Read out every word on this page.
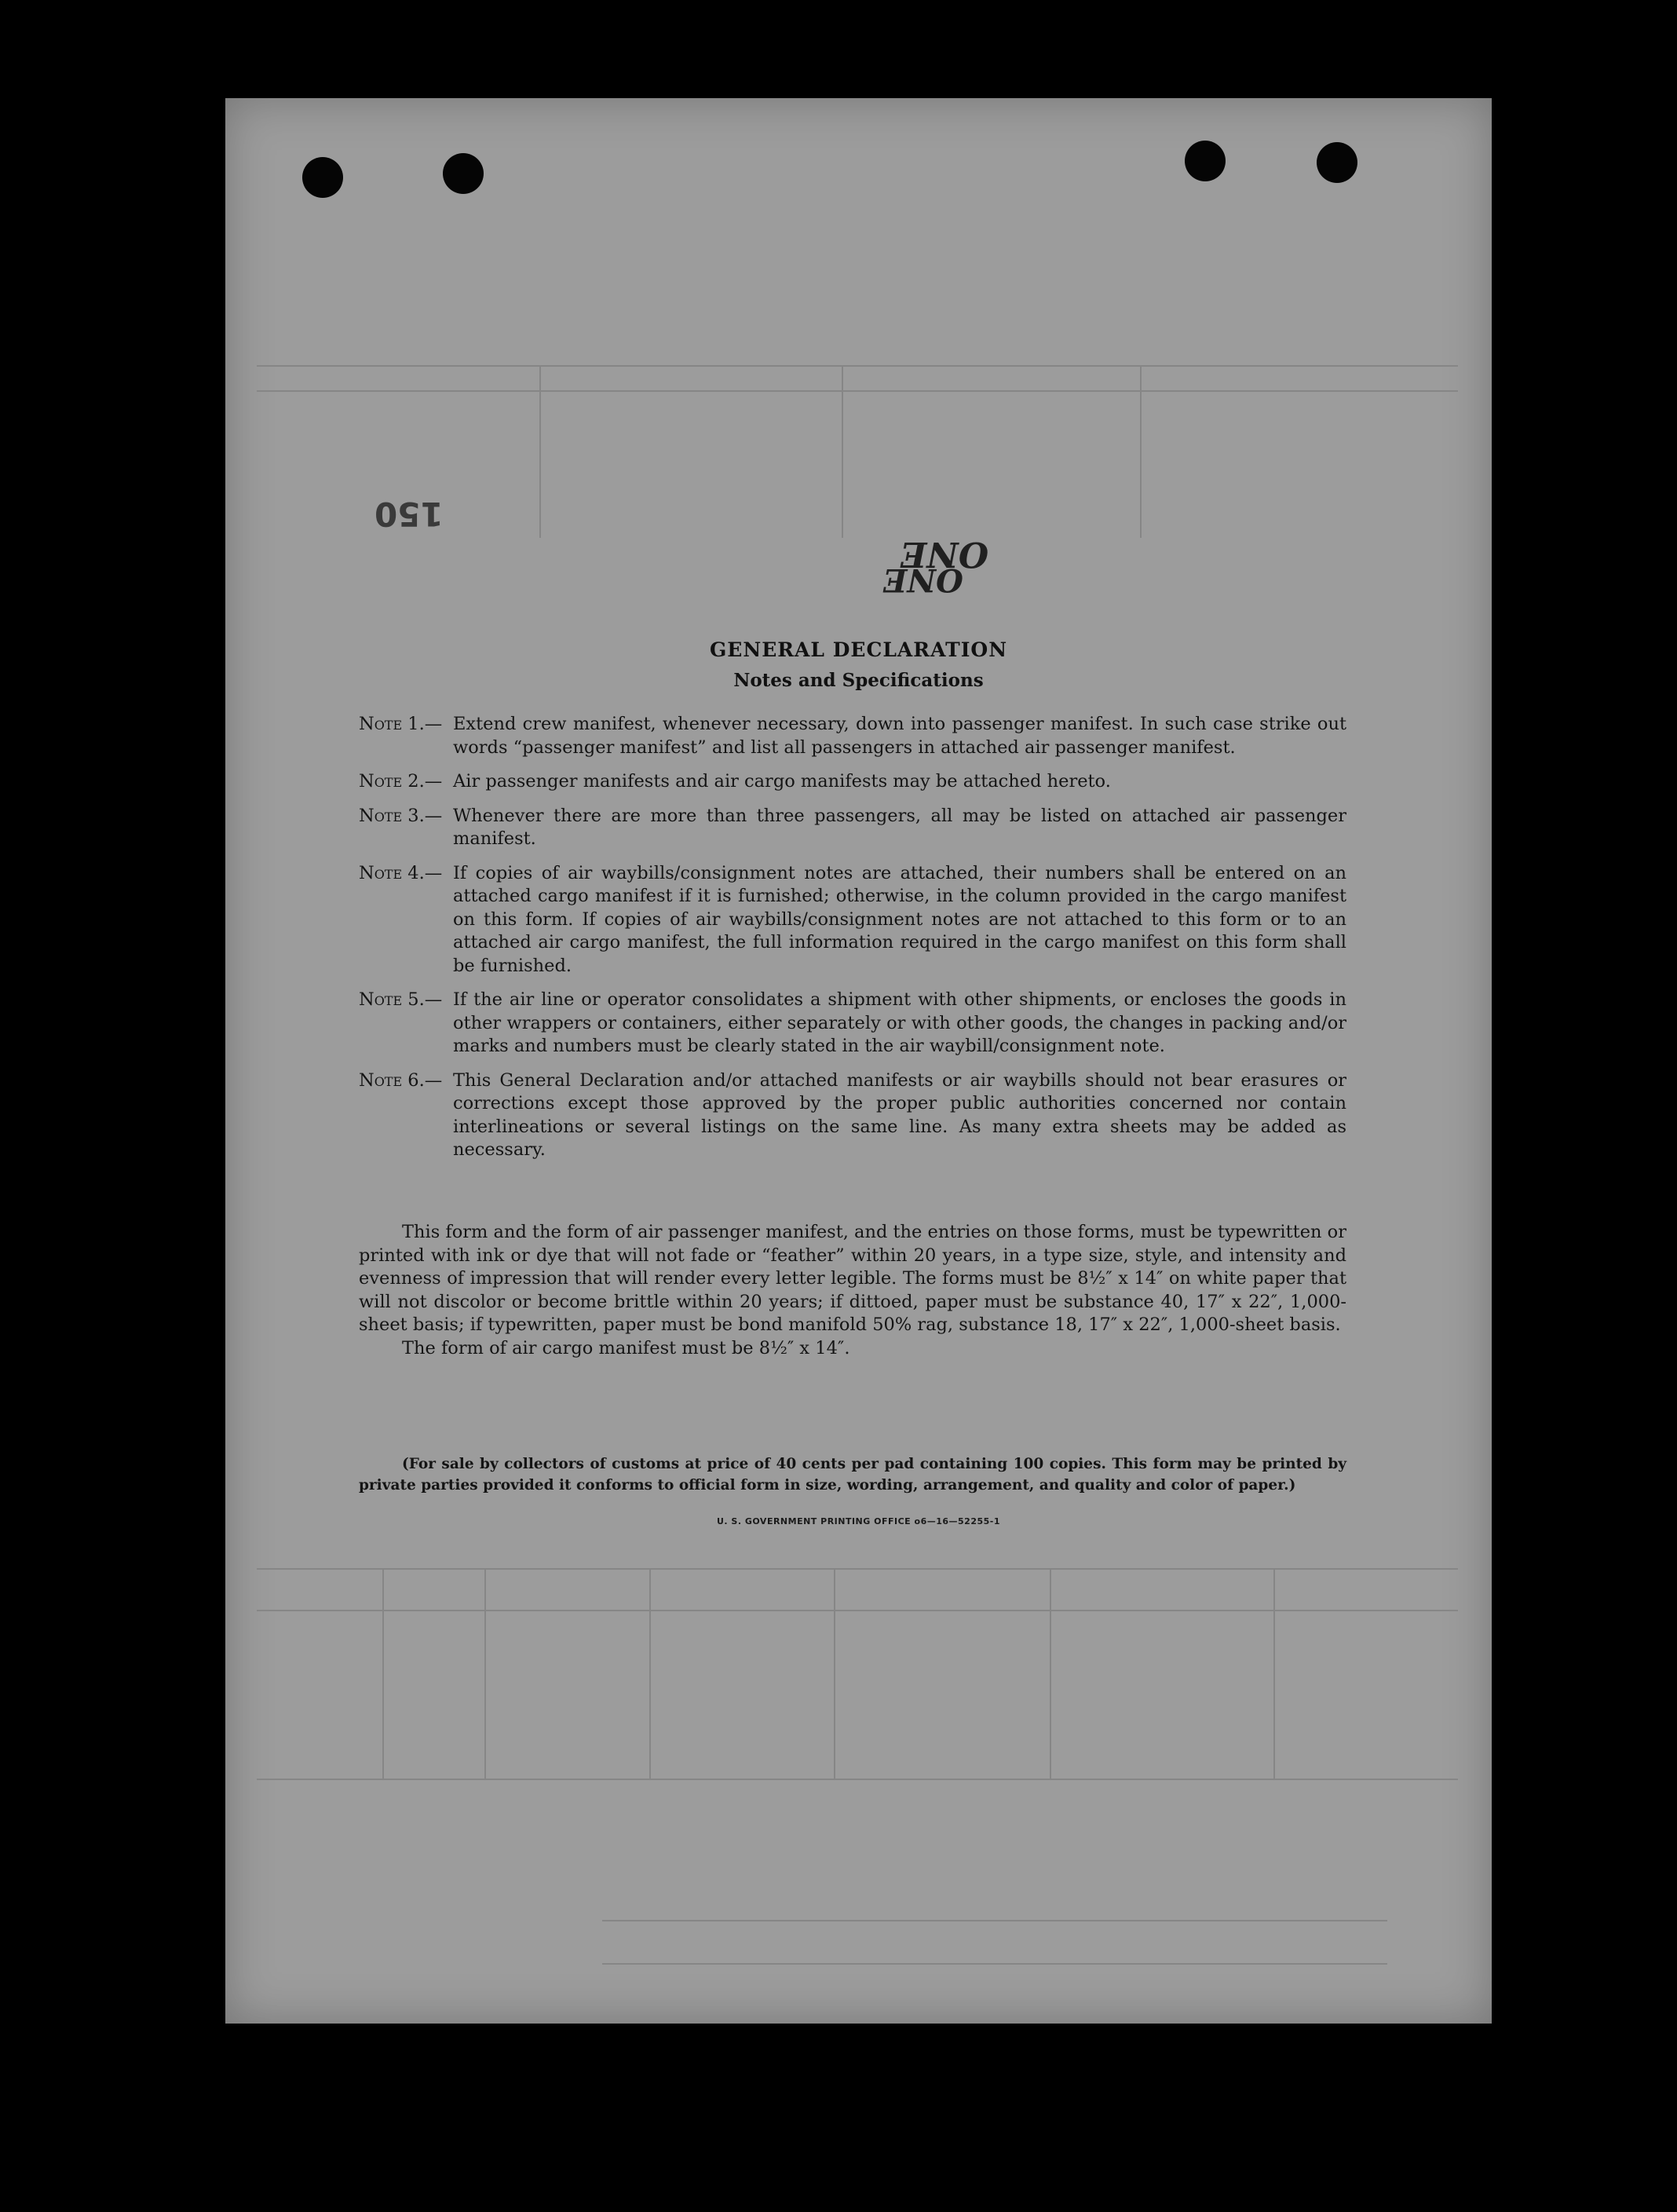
150
ONE
ONE
GENERAL DECLARATION
Notes and Specifications
Note 1.— Extend crew manifest, whenever necessary, down into passenger manifest. In such case strike out words “passenger manifest” and list all passengers in attached air passenger manifest.
Note 2.— Air passenger manifests and air cargo manifests may be attached hereto.
Note 3.— Whenever there are more than three passengers, all may be listed on attached air passenger manifest.
Note 4.— If copies of air waybills/consignment notes are attached, their numbers shall be entered on an attached cargo manifest if it is furnished; otherwise, in the column provided in the cargo manifest on this form. If copies of air waybills/consignment notes are not attached to this form or to an attached air cargo manifest, the full information required in the cargo manifest on this form shall be furnished.
Note 5.— If the air line or operator consolidates a shipment with other shipments, or encloses the goods in other wrappers or containers, either separately or with other goods, the changes in packing and/or marks and numbers must be clearly stated in the air waybill/consignment note.
Note 6.— This General Declaration and/or attached manifests or air waybills should not bear erasures or corrections except those approved by the proper public authorities concerned nor contain interlineations or several listings on the same line. As many extra sheets may be added as necessary.

This form and the form of air passenger manifest, and the entries on those forms, must be typewritten or printed with ink or dye that will not fade or “feather” within 20 years, in a type size, style, and intensity and evenness of impression that will render every letter legible. The forms must be 8½″ x 14″ on white paper that will not discolor or become brittle within 20 years; if dittoed, paper must be substance 40, 17″ x 22″, 1,000-sheet basis; if typewritten, paper must be bond manifold 50% rag, substance 18, 17″ x 22″, 1,000-sheet basis.

The form of air cargo manifest must be 8½″ x 14″.

(For sale by collectors of customs at price of 40 cents per pad containing 100 copies. This form may be printed by private parties provided it conforms to official form in size, wording, arrangement, and quality and color of paper.)
U. S. GOVERNMENT PRINTING OFFICE o6—16—52255-1
